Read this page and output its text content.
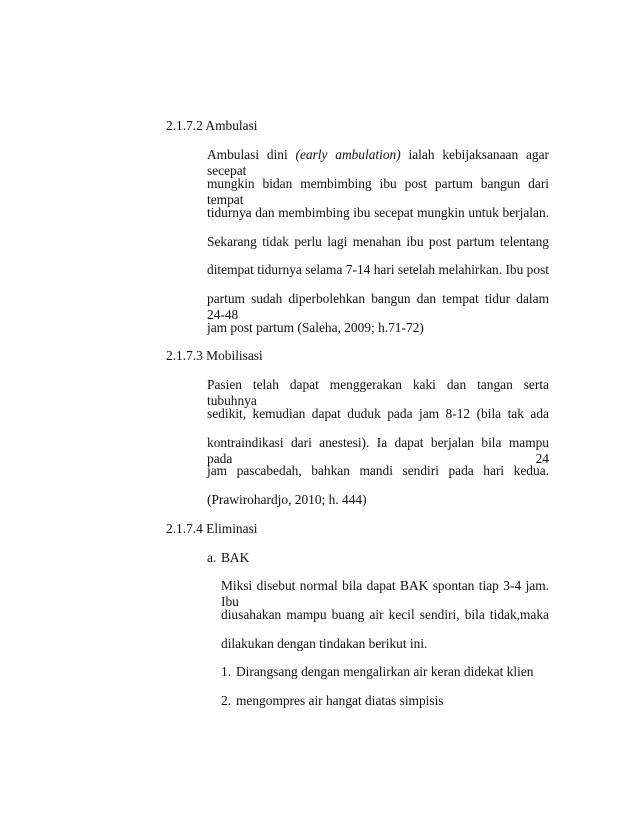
2.1.7.2 Ambulasi
Ambulasi dini (early ambulation) ialah kebijaksanaan agar secepat
mungkin bidan membimbing ibu post partum bangun dari tempat
tidurnya dan membimbing ibu secepat mungkin untuk berjalan.
Sekarang tidak perlu lagi menahan ibu post partum telentang
ditempat tidurnya selama 7-14 hari setelah melahirkan. Ibu post
partum sudah diperbolehkan bangun dan tempat tidur dalam 24-48
jam post partum (Saleha, 2009; h.71-72)
2.1.7.3 Mobilisasi
Pasien telah dapat menggerakan kaki dan tangan serta tubuhnya
sedikit, kemudian dapat duduk pada jam 8-12 (bila tak ada
kontraindikasi dari anestesi). Ia dapat berjalan bila mampu pada 24
jam pascabedah, bahkan mandi sendiri pada hari kedua.
(Prawirohardjo, 2010; h. 444)
2.1.7.4 Eliminasi
a. BAK
Miksi disebut normal bila dapat BAK spontan tiap 3-4 jam. Ibu
diusahakan mampu buang air kecil sendiri, bila tidak,maka
dilakukan dengan tindakan berikut ini.
1. Dirangsang dengan mengalirkan air keran didekat klien
2. mengompres air hangat diatas simpisis
